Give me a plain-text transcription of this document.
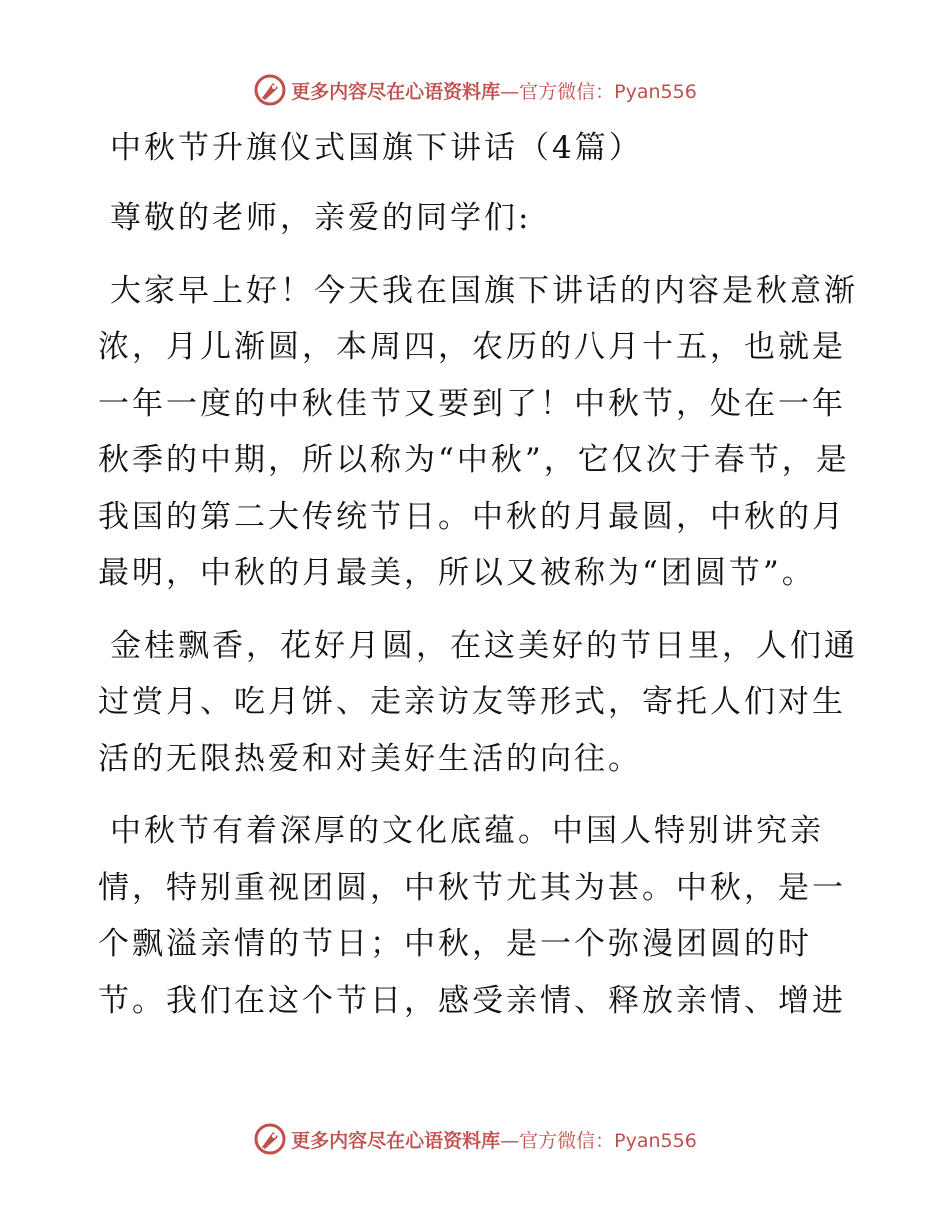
更多内容尽在心语资料库 —官方微信：Pyan556
中秋节升旗仪式国旗下讲话（4篇）

尊敬的老师，亲爱的同学们:

大家早上好！今天我在国旗下讲话的内容是秋意渐浓，月儿渐圆，本周四，农历的八月十五，也就是一年一度的中秋佳节又要到了！中秋节，处在一年秋季的中期，所以称为“中秋”，它仅次于春节，是我国的第二大传统节日。中秋的月最圆，中秋的月最明，中秋的月最美，所以又被称为“团圆节”。

金桂飘香，花好月圆，在这美好的节日里，人们通过赏月、吃月饼、走亲访友等形式，寄托人们对生活的无限热爱和对美好生活的向往。

中秋节有着深厚的文化底蕴。中国人特别讲究亲情，特别重视团圆，中秋节尤其为甚。中秋，是一个飘溢亲情的节日；中秋，是一个弥漫团圆的时节。我们在这个节日，感受亲情、释放亲情、增进

更多内容尽在心语资料库 —官方微信：Pyan556
